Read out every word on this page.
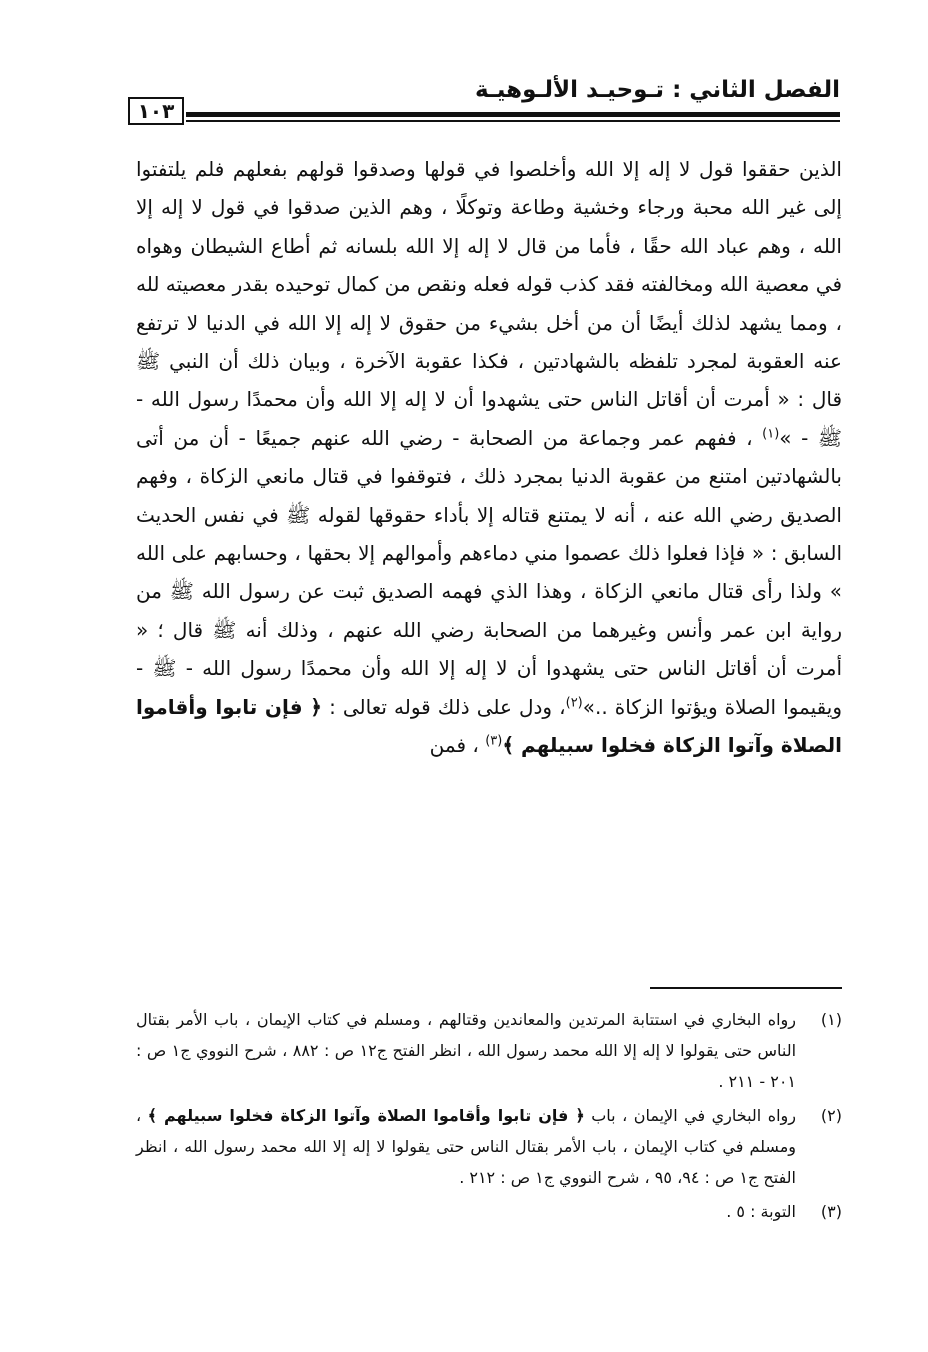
الفصل الثاني : تـوحيـد الألـوهيـة
١٠٣

الذين حققوا قول لا إله إلا الله وأخلصوا في قولها وصدقوا قولهم بفعلهم فلم يلتفتوا إلى غير الله محبة ورجاء وخشية وطاعة وتوكلًا ، وهم الذين صدقوا في قول لا إله إلا الله ، وهم عباد الله حقًا ، فأما من قال لا إله إلا الله بلسانه ثم أطاع الشيطان وهواه في معصية الله ومخالفته فقد كذب قوله فعله ونقص من كمال توحيده بقدر معصيته لله ، ومما يشهد لذلك أيضًا أن من أخل بشيء من حقوق لا إله إلا الله في الدنيا لا ترتفع عنه العقوبة لمجرد تلفظه بالشهادتين ، فكذا عقوبة الآخرة ، وبيان ذلك أن النبي ﷺ قال : « أمرت أن أقاتل الناس حتى يشهدوا أن لا إله إلا الله وأن محمدًا رسول الله - ﷺ - »$^{(١)}$ ، ففهم عمر وجماعة من الصحابة - رضي الله عنهم جميعًا - أن من أتى بالشهادتين امتنع من عقوبة الدنيا بمجرد ذلك ، فتوقفوا في قتال مانعي الزكاة ، وفهم الصديق رضي الله عنه ، أنه لا يمتنع قتاله إلا بأداء حقوقها لقوله ﷺ في نفس الحديث السابق : « فإذا فعلوا ذلك عصموا مني دماءهم وأموالهم إلا بحقها ، وحسابهم على الله » ولذا رأى قتال مانعي الزكاة ، وهذا الذي فهمه الصديق ثبت عن رسول الله ﷺ من رواية ابن عمر وأنس وغيرهما من الصحابة رضي الله عنهم ، وذلك أنه ﷺ قال ؛ « أمرت أن أقاتل الناس حتى يشهدوا أن لا إله إلا الله وأن محمدًا رسول الله - ﷺ - ويقيموا الصلاة ويؤتوا الزكاة ..»$^{(٢)}$، ودل على ذلك قوله تعالى : ﴿ فإن تابوا وأقاموا الصلاة وآتوا الزكاة فخلوا سبيلهم ﴾$^{(٣)}$ ، فمن

(١)
رواه البخاري في استتابة المرتدين والمعاندين وقتالهم ، ومسلم في كتاب الإيمان ، باب الأمر بقتال الناس حتى يقولوا لا إله إلا الله محمد رسول الله ، انظر الفتح ج١٢ ص : ٨٨٢ ، شرح النووي ج١ ص : ٢٠١ - ٢١١ .
(٢)
رواه البخاري في الإيمان ، باب ﴿ فإن تابوا وأقاموا الصلاة وآتوا الزكاة فخلوا سبيلهم ﴾ ، ومسلم في كتاب الإيمان ، باب الأمر بقتال الناس حتى يقولوا لا إله إلا الله محمد رسول الله ، انظر الفتح ج١ ص : ٩٤، ٩٥ ، شرح النووي ج١ ص : ٢١٢ .
(٣)
التوبة : ٥ .
